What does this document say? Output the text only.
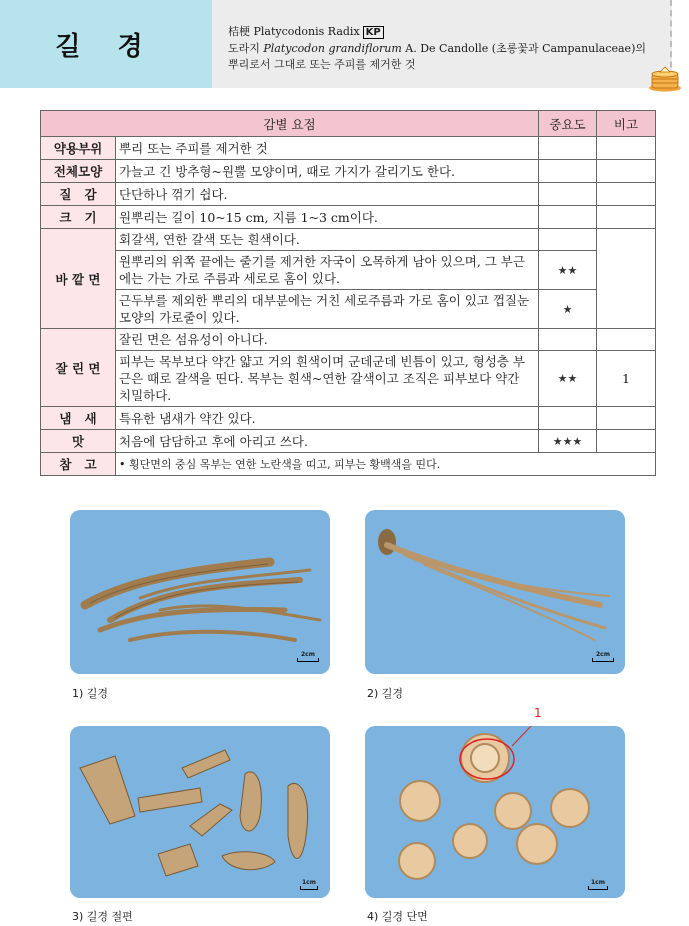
길 경	桔梗 Platycodonis Radix KP
도라지 Platycodon grandiflorum A. De Candolle (초롱꽃과 Campanulaceae)의
뿌리로서 그대로 또는 주피를 제거한 것
감별 요점		중요도	비고
약용부위	뿌리 또는 주피를 제거한 것		
전체모양	가늘고 긴 방추형~원뿔 모양이며, 때로 가지가 갈리기도 한다.		
질   감	단단하나 꺾기 쉽다.		
크   기	원뿌리는 길이 10~15 cm, 지름 1~3 cm이다.		
바 깥 면	회갈색, 연한 갈색 또는 흰색이다.		
	원뿌리의 위쪽 끝에는 줄기를 제거한 자국이 오목하게 남아 있으며, 그 부근에는 가는 가로 주름과 세로로 홈이 있다.	★★	
	근두부를 제외한 뿌리의 대부분에는 거친 세로주름과 가로 홈이 있고 껍질눈 모양의 가로줄이 있다.	★	
잘 린 면	잘린 면은 섬유성이 아니다.		
	피부는 목부보다 약간 얇고 거의 흰색이며 군데군데 빈틈이 있고, 형성층 부근은 때로 갈색을 띤다. 목부는 흰색~연한 갈색이고 조직은 피부보다 약간 치밀하다.	★★	1
냄   새	특유한 냄새가 약간 있다.		
맛	처음에 담담하고 후에 아리고 쓰다.	★★★	
참   고	• 횡단면의 중심 목부는 연한 노란색을 띠고, 피부는 황백색을 띤다.		
2cm
1) 길경
2cm
2) 길경
1cm
3) 길경 절편
1
1cm
4) 길경 단면
